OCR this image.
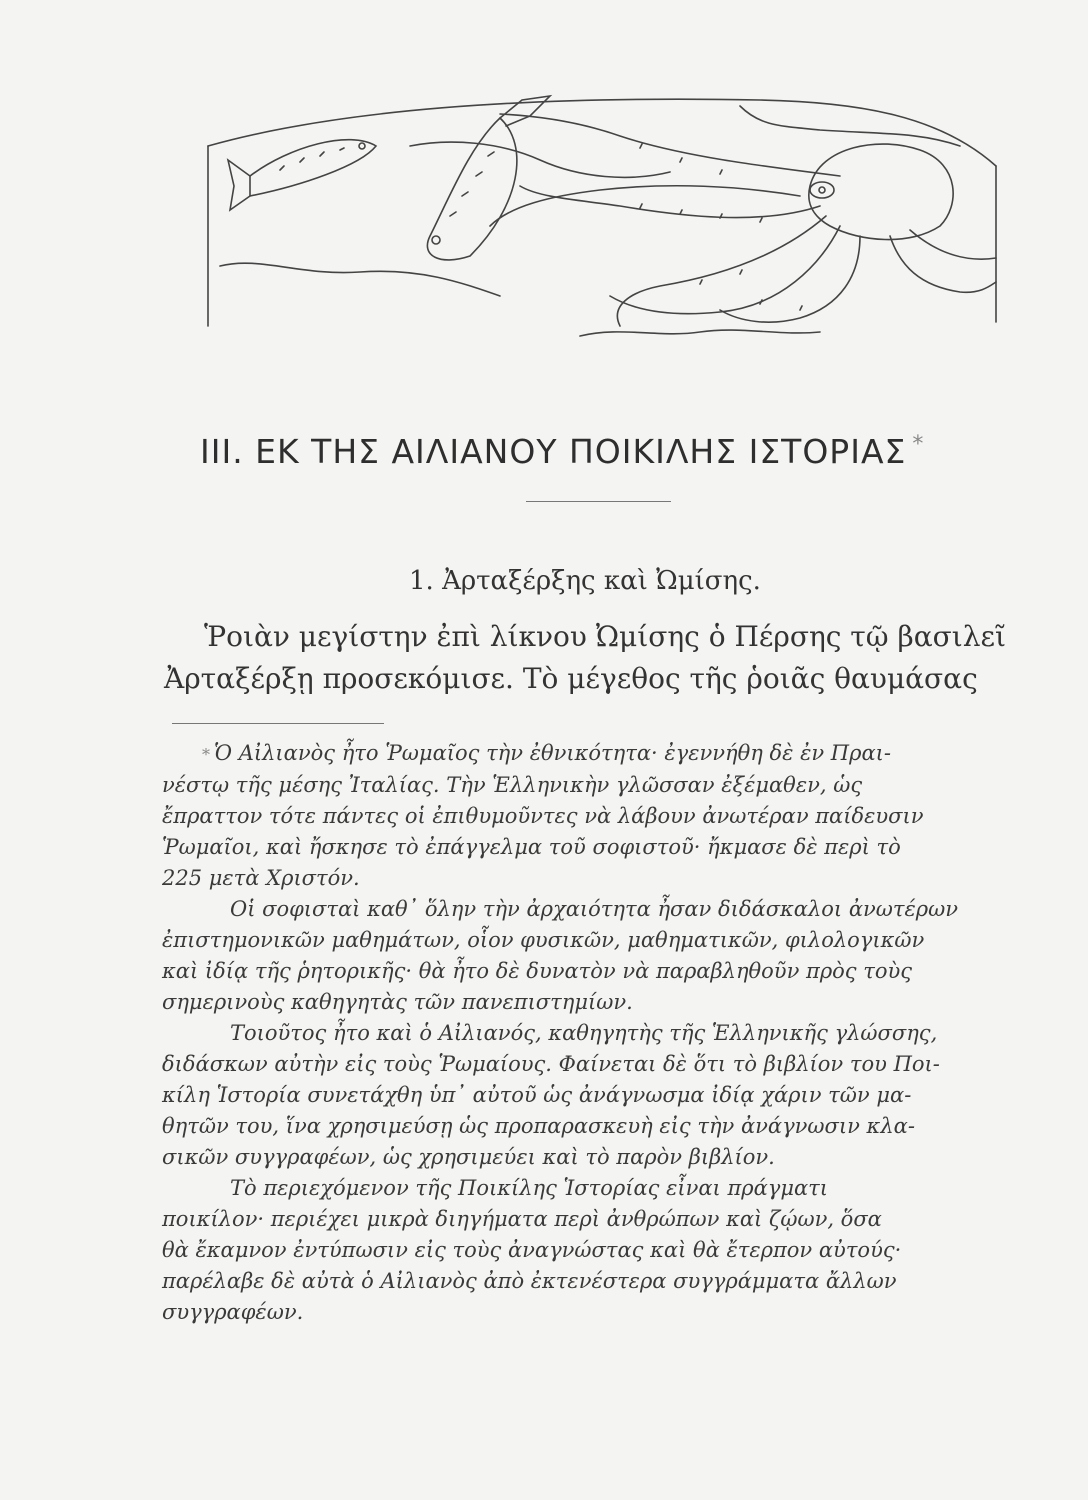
III. ΕΚ ΤΗΣ ΑΙΛΙΑΝΟΥ ΠΟΙΚΙΛΗΣ ΙΣΤΟΡΙΑΣ *
1. Ἀρταξέρξης καὶ Ὠμίσης.
Ῥοιὰν μεγίστην ἐπὶ λίκνου Ὠμίσης ὁ Πέρσης τῷ βασιλεῖ
Ἀρταξέρξῃ προσεκόμισε. Τὸ μέγεθος τῆς ῥοιᾶς θαυμάσας
* Ὁ Αἰλιανὸς ἦτο Ῥωμαῖος τὴν ἐθνικότητα· ἐγεννήθη δὲ ἐν Πραι-
νέστῳ τῆς μέσης Ἰταλίας. Τὴν Ἑλληνικὴν γλῶσσαν ἐξέμαθεν, ὡς
ἔπραττον τότε πάντες οἱ ἐπιθυμοῦντες νὰ λάβουν ἀνωτέραν παίδευσιν
Ῥωμαῖοι, καὶ ἤσκησε τὸ ἐπάγγελμα τοῦ σοφιστοῦ· ἤκμασε δὲ περὶ τὸ
225 μετὰ Χριστόν.
Οἱ σοφισταὶ καθ᾽ ὅλην τὴν ἀρχαιότητα ἦσαν διδάσκαλοι ἀνωτέρων
ἐπιστημονικῶν μαθημάτων, οἷον φυσικῶν, μαθηματικῶν, φιλολογικῶν
καὶ ἰδίᾳ τῆς ῥητορικῆς· θὰ ἦτο δὲ δυνατὸν νὰ παραβληθοῦν πρὸς τοὺς
σημερινοὺς καθηγητὰς τῶν πανεπιστημίων.
Τοιοῦτος ἦτο καὶ ὁ Αἰλιανός, καθηγητὴς τῆς Ἑλληνικῆς γλώσσης,
διδάσκων αὐτὴν εἰς τοὺς Ῥωμαίους. Φαίνεται δὲ ὅτι τὸ βιβλίον του Ποι-
κίλη Ἱστορία συνετάχθη ὑπ᾽ αὐτοῦ ὡς ἀνάγνωσμα ἰδίᾳ χάριν τῶν μα-
θητῶν του, ἵνα χρησιμεύσῃ ὡς προπαρασκευὴ εἰς τὴν ἀνάγνωσιν κλα-
σικῶν συγγραφέων, ὡς χρησιμεύει καὶ τὸ παρὸν βιβλίον.
Τὸ περιεχόμενον τῆς Ποικίλης Ἱστορίας εἶναι πράγματι
ποικίλον· περιέχει μικρὰ διηγήματα περὶ ἀνθρώπων καὶ ζῴων, ὅσα
θὰ ἔκαμνον ἐντύπωσιν εἰς τοὺς ἀναγνώστας καὶ θὰ ἔτερπον αὐτούς·
παρέλαβε δὲ αὐτὰ ὁ Αἰλιανὸς ἀπὸ ἐκτενέστερα συγγράμματα ἄλλων
συγγραφέων.
